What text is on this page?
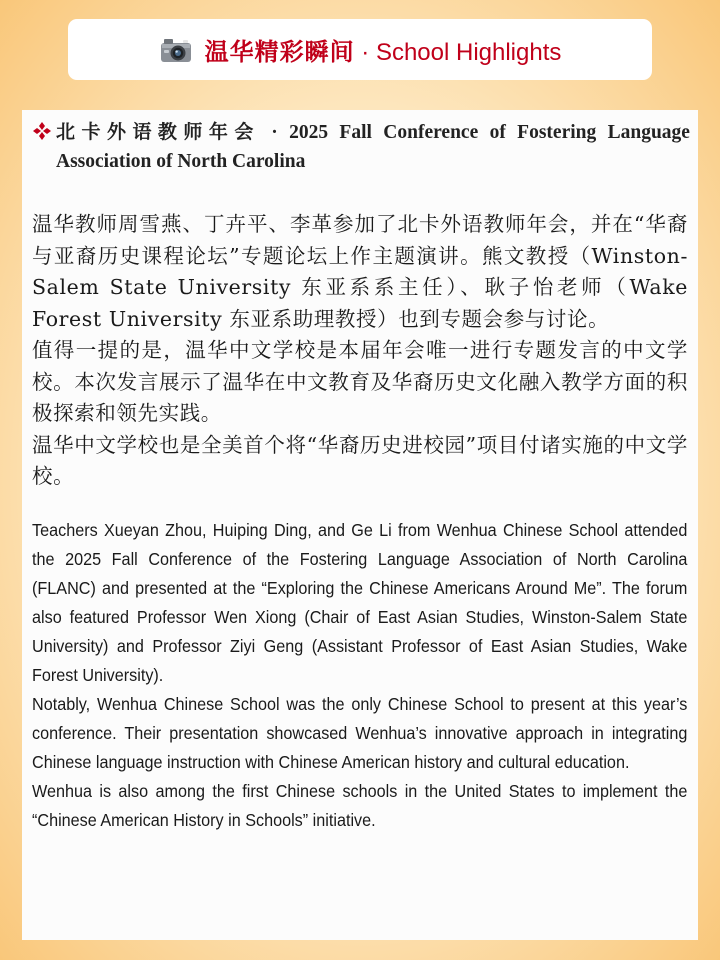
温华精彩瞬间 · School Highlights
北卡外语教师年会 · 2025 Fall Conference of Fostering Language Association of North Carolina

温华教师周雪燕、丁卉平、李革参加了北卡外语教师年会，并在“华裔与亚裔历史课程论坛”专题论坛上作主题演讲。熊文教授（Winston-Salem State University 东亚系系主任）、耿子怡老师（Wake Forest University 东亚系助理教授）也到专题会参与讨论。

值得一提的是，温华中文学校是本届年会唯一进行专题发言的中文学校。本次发言展示了温华在中文教育及华裔历史文化融入教学方面的积极探索和领先实践。

温华中文学校也是全美首个将“华裔历史进校园”项目付诸实施的中文学校。

Teachers Xueyan Zhou, Huiping Ding, and Ge Li from Wenhua Chinese School attended the 2025 Fall Conference of the Fostering Language Association of North Carolina (FLANC) and presented at the “Exploring the Chinese Americans Around Me”. The forum also featured Professor Wen Xiong (Chair of East Asian Studies, Winston-Salem State University) and Professor Ziyi Geng (Assistant Professor of East Asian Studies, Wake Forest University).

Notably, Wenhua Chinese School was the only Chinese School to present at this year’s conference. Their presentation showcased Wenhua’s innovative approach in integrating Chinese language instruction with Chinese American history and cultural education.

Wenhua is also among the first Chinese schools in the United States to implement the “Chinese American History in Schools” initiative.
